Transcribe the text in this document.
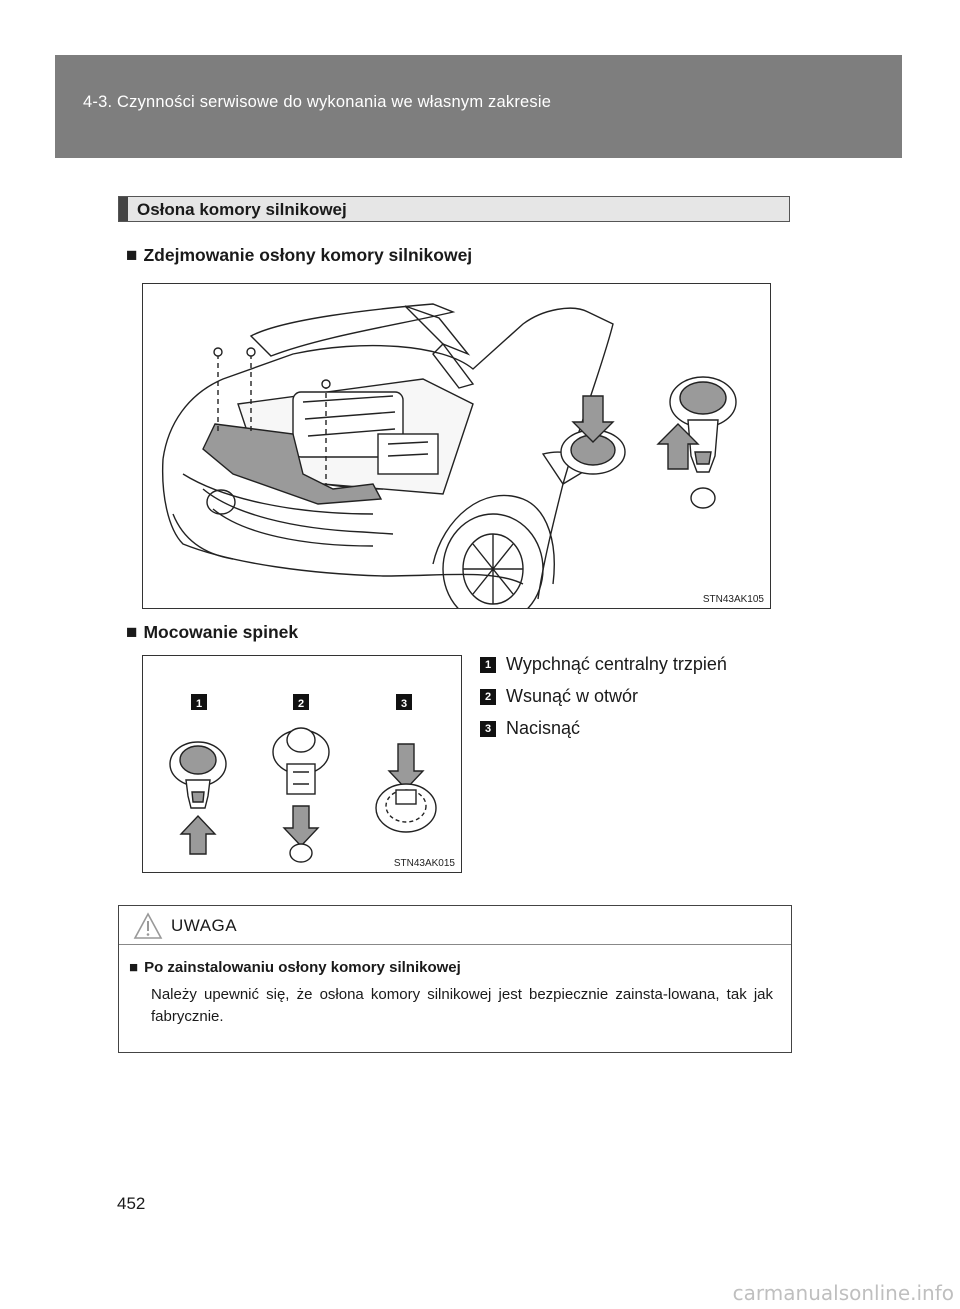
4-3. Czynności serwisowe do wykonania we własnym zakresie
Osłona komory silnikowej
■ Zdejmowanie osłony komory silnikowej
STN43AK105
■ Mocowanie spinek
1	2	3
STN43AK015
1 Wypchnąć centralny trzpień
2 Wsunąć w otwór
3 Nacisnąć
UWAGA
■ Po zainstalowaniu osłony komory silnikowej
Należy upewnić się, że osłona komory silnikowej jest bezpiecznie zainsta-lowana, tak jak fabrycznie.
452
carmanualsonline.info
